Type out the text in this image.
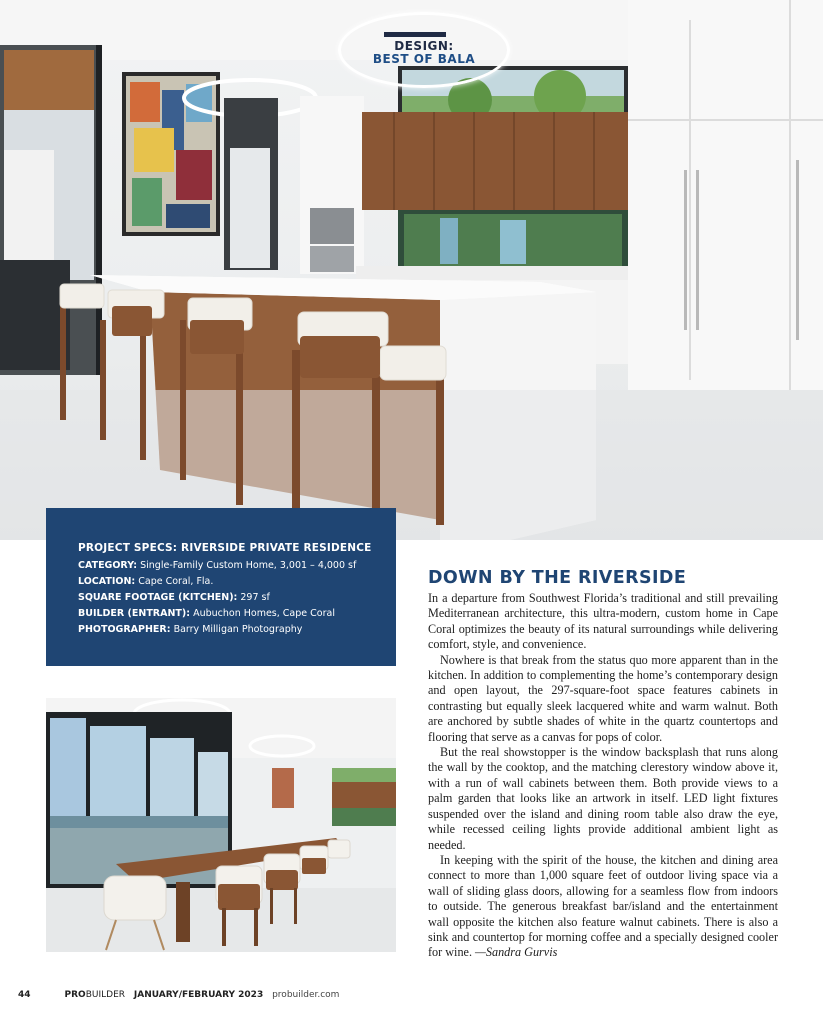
DESIGN:
BEST OF BALA
PROJECT SPECS: RIVERSIDE PRIVATE RESIDENCE
CATEGORY: Single-Family Custom Home, 3,001 – 4,000 sf
LOCATION: Cape Coral, Fla.
SQUARE FOOTAGE (KITCHEN): 297 sf
BUILDER (ENTRANT): Aubuchon Homes, Cape Coral
PHOTOGRAPHER: Barry Milligan Photography
DOWN BY THE RIVERSIDE

In a departure from Southwest Florida’s traditional and still prevailing Mediterranean architecture, this ultra-modern, custom home in Cape Coral optimizes the beauty of its natural surroundings while delivering comfort, style, and convenience.

Nowhere is that break from the status quo more apparent than in the kitchen. In addition to complementing the home’s contemporary design and open layout, the 297-square-foot space features cabinets in contrasting but equally sleek lacquered white and warm walnut. Both are anchored by subtle shades of white in the quartz countertops and flooring that serve as a canvas for pops of color.

But the real showstopper is the window backsplash that runs along the wall by the cooktop, and the matching clerestory window above it, with a run of wall cabinets between them. Both provide views to a palm garden that looks like an artwork in itself. LED light fixtures suspended over the island and dining room table also draw the eye, while recessed ceiling lights provide additional ambient light as needed.

In keeping with the spirit of the house, the kitchen and dining area connect to more than 1,000 square feet of outdoor living space via a wall of sliding glass doors, allowing for a seamless flow from indoors to outside. The generous breakfast bar/island and the entertainment wall opposite the kitchen also feature walnut cabinets. There is also a sink and countertop for morning coffee and a specially designed cooler for wine. —Sandra Gurvis

44	PROBUILDER JANUARY/FEBRUARY 2023 probuilder.com
